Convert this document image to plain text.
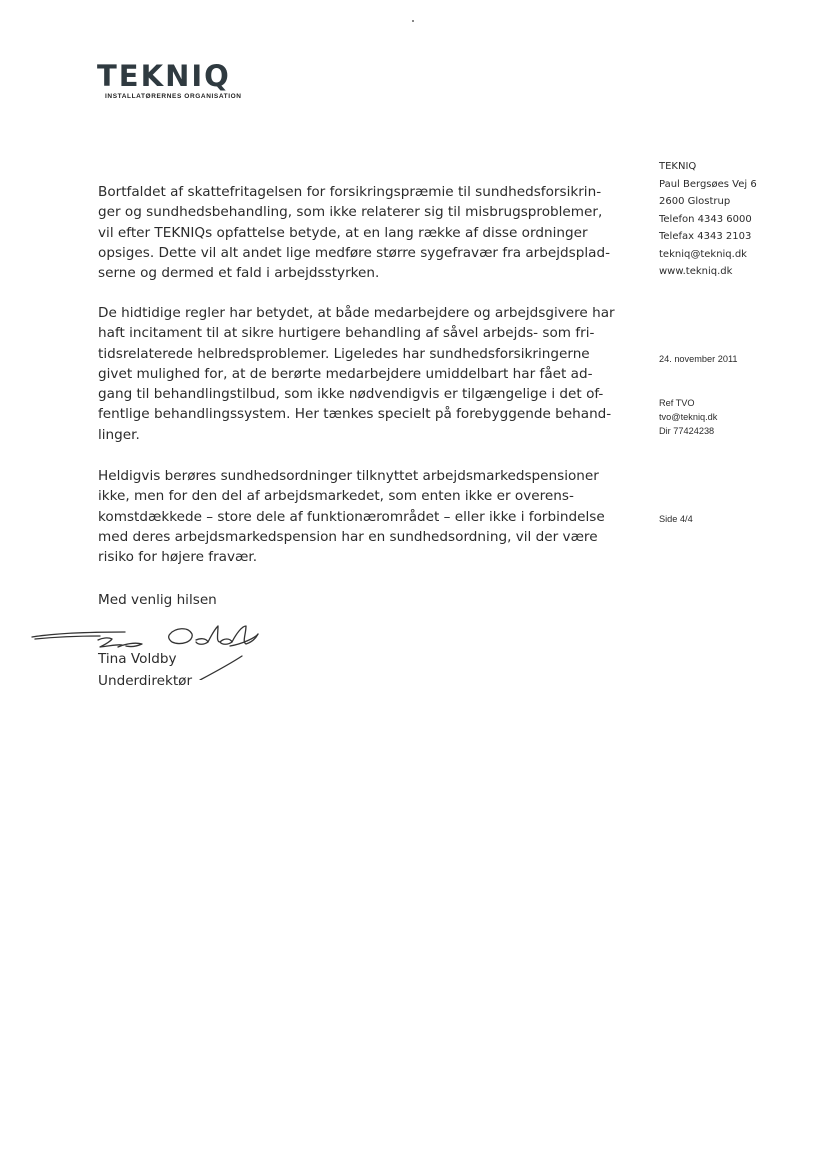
TEKNIQ
INSTALLATØRERNES ORGANISATION
TEKNIQ
Paul Bergsøes Vej 6
2600 Glostrup
Telefon 4343 6000
Telefax 4343 2103
tekniq@tekniq.dk
www.tekniq.dk
24. november 2011
Ref TVO
tvo@tekniq.dk
Dir 77424238
Side 4/4
Bortfaldet af skattefritagelsen for forsikringspræmie til sundhedsforsikrin-
ger og sundhedsbehandling, som ikke relaterer sig til misbrugsproblemer,
vil efter TEKNIQs opfattelse betyde, at en lang række af disse ordninger
opsiges. Dette vil alt andet lige medføre større sygefravær fra arbejdsplad-
serne og dermed et fald i arbejdsstyrken.
De hidtidige regler har betydet, at både medarbejdere og arbejdsgivere har
haft incitament til at sikre hurtigere behandling af såvel arbejds- som fri-
tidsrelaterede helbredsproblemer. Ligeledes har sundhedsforsikringerne
givet mulighed for, at de berørte medarbejdere umiddelbart har fået ad-
gang til behandlingstilbud, som ikke nødvendigvis er tilgængelige i det of-
fentlige behandlingssystem. Her tænkes specielt på forebyggende behand-
linger.
Heldigvis berøres sundhedsordninger tilknyttet arbejdsmarkedspensioner
ikke, men for den del af arbejdsmarkedet, som enten ikke er overens-
komstdækkede – store dele af funktionærområdet – eller ikke i forbindelse
med deres arbejdsmarkedspension har en sundhedsordning, vil der være
risiko for højere fravær.
Med venlig hilsen
Tina Voldby
Underdirektør
